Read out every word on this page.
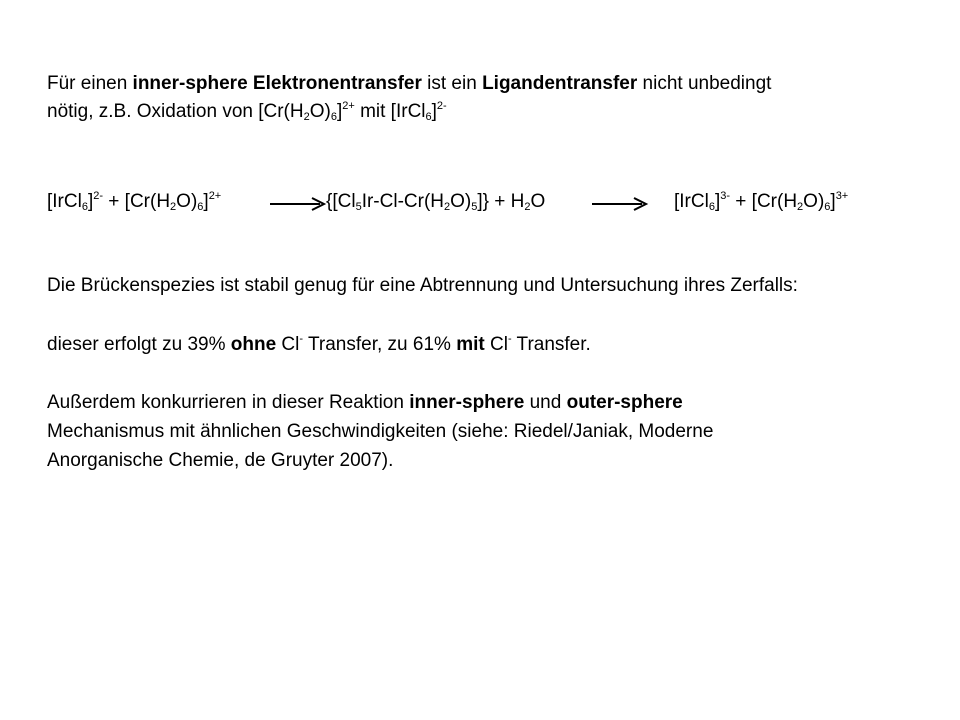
Für einen inner-sphere Elektronentransfer ist ein Ligandentransfer nicht unbedingt
nötig, z.B. Oxidation von $[Cr(H_2O)_6]^{2+}$ mit [IrCl$_6$]$^{2-}$
[IrCl$_6$]$^{2-}$ + $[Cr(H_2O)_6]^{2+}$	$\{[Cl_5Ir-Cl-Cr(H_2O)_5]\} + H_2O$	→ [IrCl$_6$]$^{3-}$ + $[Cr(H_2O)_6]^{3+}$
Die Brückenspezies ist stabil genug für eine Abtrennung und Untersuchung ihres Zerfalls:
dieser erfolgt zu 39% ohne Cl- Transfer, zu 61% mit Cl- Transfer.
Außerdem konkurrieren in dieser Reaktion inner-sphere und outer-sphere
Mechanismus mit ähnlichen Geschwindigkeiten (siehe: Riedel/Janiak, Moderne
Anorganische Chemie, de Gruyter 2007).
